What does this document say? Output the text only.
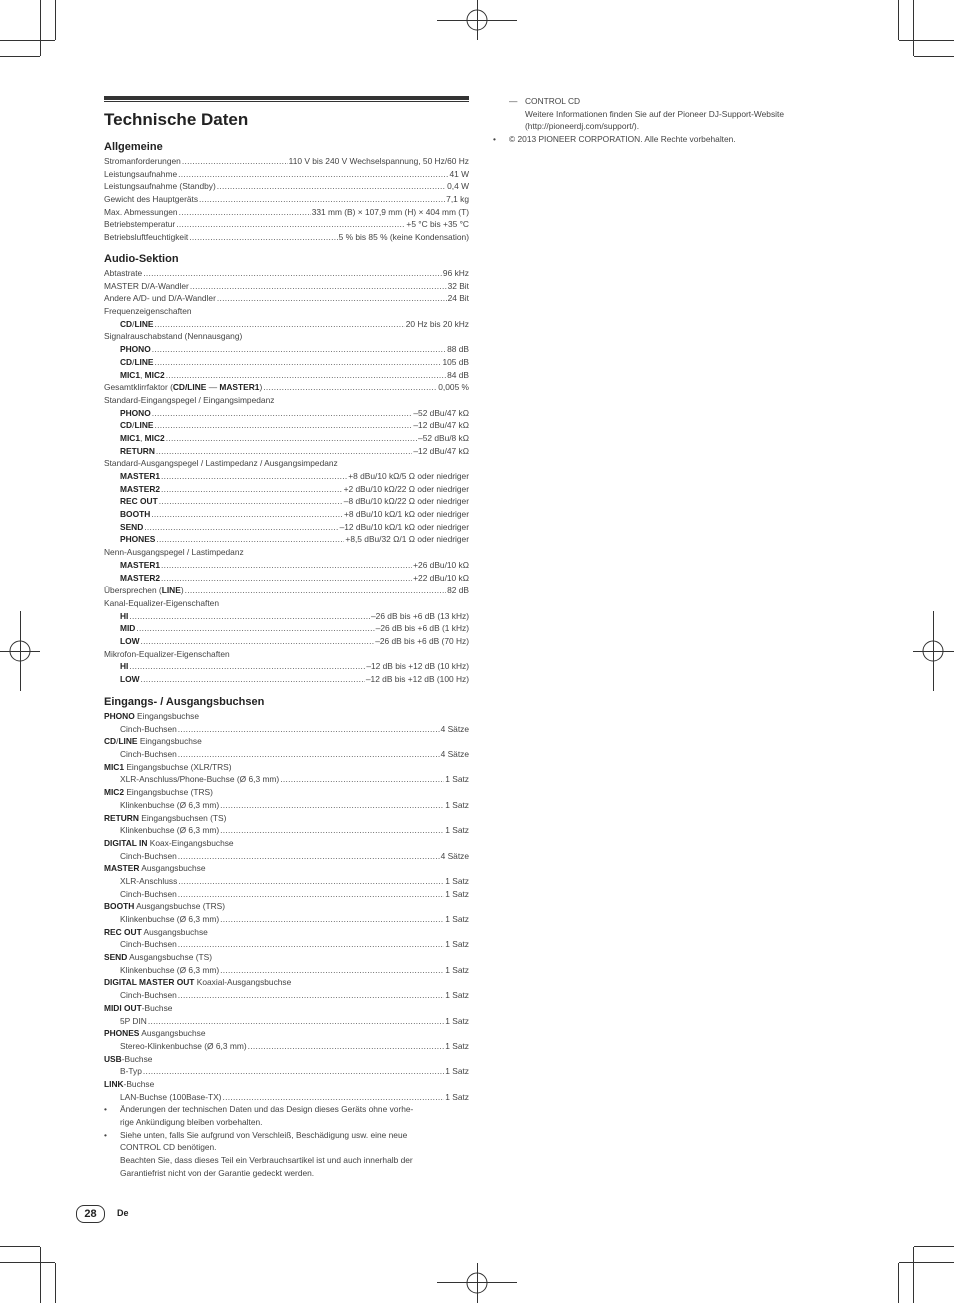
Technische Daten
Allgemeine
Stromanforderungen .....	110 V bis 240 V Wechselspannung, 50 Hz/60 Hz
Leistungsaufnahme .....	41 W
Leistungsaufnahme (Standby) .....	0,4 W
Gewicht des Hauptgeräts .....	7,1 kg
Max. Abmessungen .....	331 mm (B) × 107,9 mm (H) × 404 mm (T)
Betriebstemperatur .....	+5 °C bis +35 °C
Betriebsluftfeuchtigkeit .....	5 % bis 85 % (keine Kondensation)
Audio-Sektion
Abtastrate .....	96 kHz
MASTER D/A-Wandler .....	32 Bit
Andere A/D- und D/A-Wandler .....	24 Bit
Frequenzeigenschaften
CD/LINE .....	20 Hz bis 20 kHz
Signalrauschabstand (Nennausgang)
PHONO .....	88 dB
CD/LINE .....	105 dB
MIC1, MIC2 .....	84 dB
Gesamtklirrfaktor (CD/LINE — MASTER1) .....	0,005 %
Standard-Eingangspegel / Eingangsimpedanz
PHONO .....	–52 dBu/47 kΩ
CD/LINE .....	–12 dBu/47 kΩ
MIC1, MIC2 .....	–52 dBu/8 kΩ
RETURN .....	–12 dBu/47 kΩ
Standard-Ausgangspegel / Lastimpedanz / Ausgangsimpedanz
MASTER1 .....	+8 dBu/10 kΩ/5 Ω oder niedriger
MASTER2 .....	+2 dBu/10 kΩ/22 Ω oder niedriger
REC OUT .....	–8 dBu/10 kΩ/22 Ω oder niedriger
BOOTH .....	+8 dBu/10 kΩ/1 kΩ oder niedriger
SEND .....	–12 dBu/10 kΩ/1 kΩ oder niedriger
PHONES .....	+8,5 dBu/32 Ω/1 Ω oder niedriger
Nenn-Ausgangspegel / Lastimpedanz
MASTER1 .....	+26 dBu/10 kΩ
MASTER2 .....	+22 dBu/10 kΩ
Übersprechen (LINE) .....	82 dB
Kanal-Equalizer-Eigenschaften
HI .....	–26 dB bis +6 dB (13 kHz)
MID .....	–26 dB bis +6 dB (1 kHz)
LOW .....	–26 dB bis +6 dB (70 Hz)
Mikrofon-Equalizer-Eigenschaften
HI .....	–12 dB bis +12 dB (10 kHz)
LOW .....	–12 dB bis +12 dB (100 Hz)
Eingangs- / Ausgangsbuchsen
PHONO Eingangsbuchse
Cinch-Buchsen .....	4 Sätze
CD/LINE Eingangsbuchse
Cinch-Buchsen .....	4 Sätze
MIC1 Eingangsbuchse (XLR/TRS)
XLR-Anschluss/Phone-Buchse (Ø 6,3 mm) .....	1 Satz
MIC2 Eingangsbuchse (TRS)
Klinkenbuchse (Ø 6,3 mm) .....	1 Satz
RETURN Eingangsbuchsen (TS)
Klinkenbuchse (Ø 6,3 mm) .....	1 Satz
DIGITAL IN Koax-Eingangsbuchse
Cinch-Buchsen .....	4 Sätze
MASTER Ausgangsbuchse
XLR-Anschluss .....	1 Satz
Cinch-Buchsen .....	1 Satz
BOOTH Ausgangsbuchse (TRS)
Klinkenbuchse (Ø 6,3 mm) .....	1 Satz
REC OUT Ausgangsbuchse
Cinch-Buchsen .....	1 Satz
SEND Ausgangsbuchse (TS)
Klinkenbuchse (Ø 6,3 mm) .....	1 Satz
DIGITAL MASTER OUT Koaxial-Ausgangsbuchse
Cinch-Buchsen .....	1 Satz
MIDI OUT-Buchse
5P DIN .....	1 Satz
PHONES Ausgangsbuchse
Stereo-Klinkenbuchse (Ø 6,3 mm) .....	1 Satz
USB-Buchse
B-Typ .....	1 Satz
LINK-Buchse
LAN-Buchse (100Base-TX) .....	1 Satz
• Änderungen der technischen Daten und das Design dieses Geräts ohne vorhe-
rige Ankündigung bleiben vorbehalten.
• Siehe unten, falls Sie aufgrund von Verschleiß, Beschädigung usw. eine neue
CONTROL CD benötigen.
Beachten Sie, dass dieses Teil ein Verbrauchsartikel ist und auch innerhalb der
Garantiefrist nicht von der Garantie gedeckt werden.
— CONTROL CD
Weitere Informationen finden Sie auf der Pioneer DJ-Support-Website
(http://pioneerdj.com/support/).
• © 2013 PIONEER CORPORATION. Alle Rechte vorbehalten.
28	De
